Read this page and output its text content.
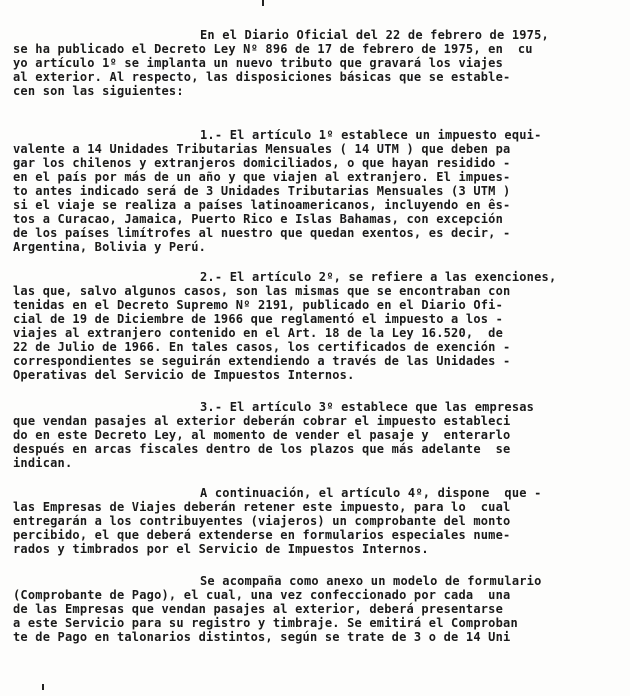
En el Diario Oficial del 22 de febrero de 1975,
se ha publicado el Decreto Ley Nº 896 de 17 de febrero de 1975, en  cu
yo artículo 1º se implanta un nuevo tributo que gravará los viajes
al exterior. Al respecto, las disposiciones básicas que se estable-
cen son las siguientes:
1.- El artículo 1º establece un impuesto equi-
valente a 14 Unidades Tributarias Mensuales ( 14 UTM ) que deben pa
gar los chilenos y extranjeros domiciliados, o que hayan residido -
en el país por más de un año y que viajen al extranjero. El impues-
to antes indicado será de 3 Unidades Tributarias Mensuales (3 UTM )
si el viaje se realiza a países latinoamericanos, incluyendo en ês-
tos a Curacao, Jamaica, Puerto Rico e Islas Bahamas, con excepción
de los países limítrofes al nuestro que quedan exentos, es decir, -
Argentina, Bolivia y Perú.
2.- El artículo 2º, se refiere a las exenciones,
las que, salvo algunos casos, son las mismas que se encontraban con
tenidas en el Decreto Supremo Nº 2191, publicado en el Diario Ofi-
cial de 19 de Diciembre de 1966 que reglamentó el impuesto a los -
viajes al extranjero contenido en el Art. 18 de la Ley 16.520,  de
22 de Julio de 1966. En tales casos, los certificados de exención -
correspondientes se seguirán extendiendo a través de las Unidades -
Operativas del Servicio de Impuestos Internos.
3.- El artículo 3º establece que las empresas
que vendan pasajes al exterior deberán cobrar el impuesto estableci
do en este Decreto Ley, al momento de vender el pasaje y  enterarlo
después en arcas fiscales dentro de los plazos que más adelante  se
indican.
A continuación, el artículo 4º, dispone  que -
las Empresas de Viajes deberán retener este impuesto, para lo  cual
entregarán a los contribuyentes (viajeros) un comprobante del monto
percibido, el que deberá extenderse en formularios especiales nume-
rados y timbrados por el Servicio de Impuestos Internos.
Se acompaña como anexo un modelo de formulario
(Comprobante de Pago), el cual, una vez confeccionado por cada  una
de las Empresas que vendan pasajes al exterior, deberá presentarse
a este Servicio para su registro y timbraje. Se emitirá el Comproban
te de Pago en talonarios distintos, según se trate de 3 o de 14 Uni
